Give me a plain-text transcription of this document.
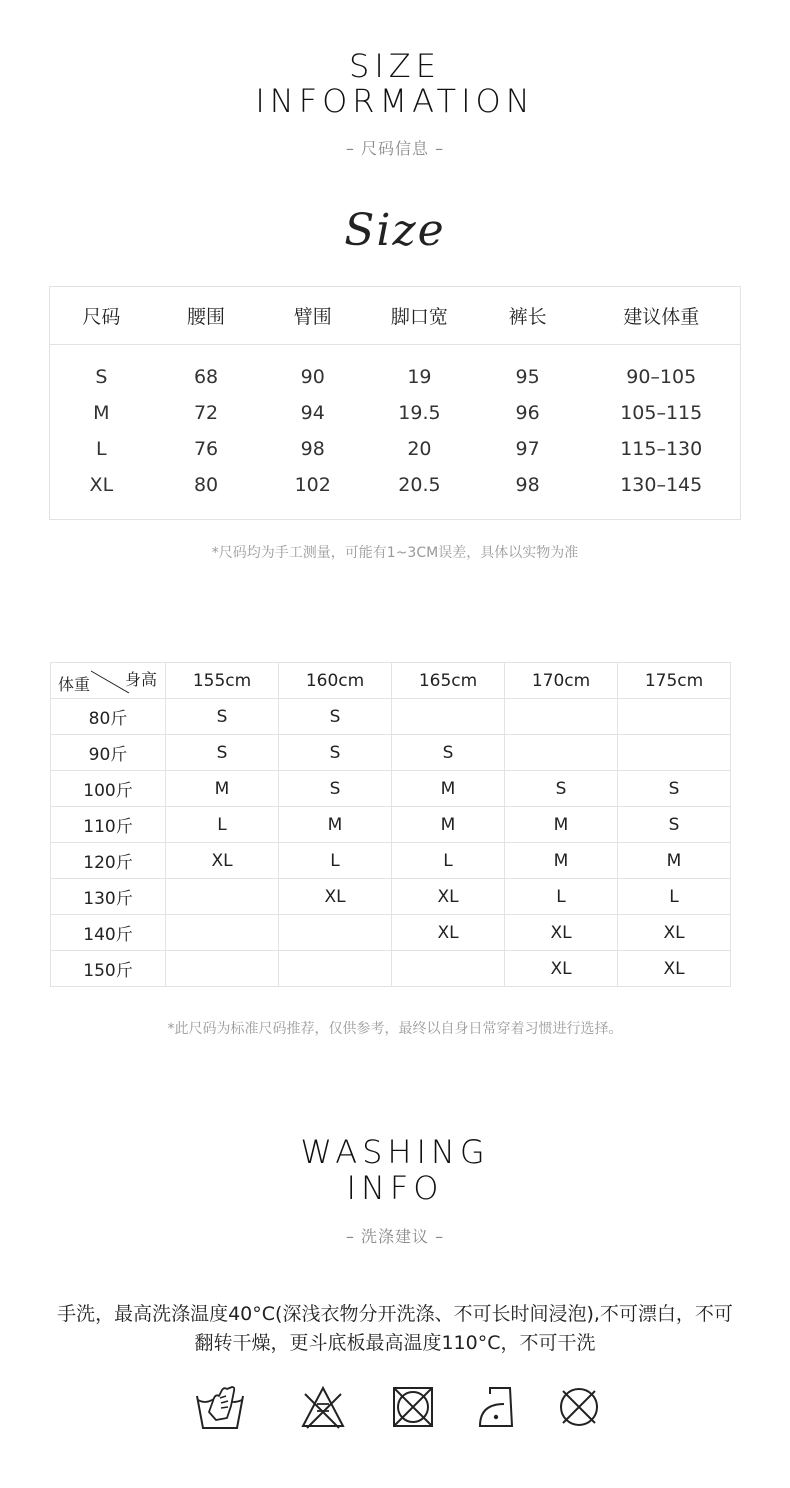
SIZE
INFORMATION
– 尺码信息 –
Size
尺码	腰围	臂围	脚口宽	裤长	建议体重
S	68	90	19	95	90–105
M	72	94	19.5	96	105–115
L	76	98	20	97	115–130
XL	80	102	20.5	98	130–145
*尺码均为手工测量，可能有1~3CM误差，具体以实物为准
体重 身高	155cm	160cm	165cm	170cm	175cm
80斤	S	S			
90斤	S	S	S		
100斤	M	S	M	S	S
110斤	L	M	M	M	S
120斤	XL	L	L	M	M
130斤		XL	XL	L	L
140斤			XL	XL	XL
150斤				XL	XL
*此尺码为标准尺码推荐，仅供参考，最终以自身日常穿着习惯进行选择。
WASHING
INFO
– 洗涤建议 –
手洗，最高洗涤温度40°C(深浅衣物分开洗涤、不可长时间浸泡),不可漂白，不可
翻转干燥，更斗底板最高温度110°C，不可干洗
